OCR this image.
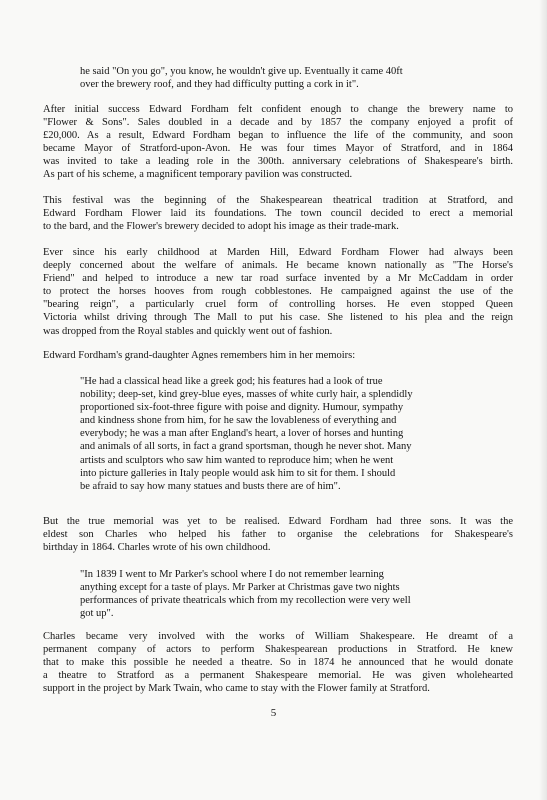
he said "On you go", you know, he wouldn't give up. Eventually it came 40ft
over the brewery roof, and they had difficulty putting a cork in it".
After initial success Edward Fordham felt confident enough to change the brewery name to
"Flower & Sons". Sales doubled in a decade and by 1857 the company enjoyed a profit of
£20,000. As a result, Edward Fordham began to influence the life of the community, and soon
became Mayor of Stratford-upon-Avon. He was four times Mayor of Stratford, and in 1864
was invited to take a leading role in the 300th. anniversary celebrations of Shakespeare's birth.
As part of his scheme, a magnificent temporary pavilion was constructed.
This festival was the beginning of the Shakespearean theatrical tradition at Stratford, and
Edward Fordham Flower laid its foundations. The town council decided to erect a memorial
to the bard, and the Flower's brewery decided to adopt his image as their trade-mark.
Ever since his early childhood at Marden Hill, Edward Fordham Flower had always been
deeply concerned about the welfare of animals. He became known nationally as "The Horse's
Friend" and helped to introduce a new tar road surface invented by a Mr McCaddam in order
to protect the horses hooves from rough cobblestones. He campaigned against the use of the
"bearing reign", a particularly cruel form of controlling horses. He even stopped Queen
Victoria whilst driving through The Mall to put his case. She listened to his plea and the reign
was dropped from the Royal stables and quickly went out of fashion.
Edward Fordham's grand-daughter Agnes remembers him in her memoirs:
"He had a classical head like a greek god; his features had a look of true
nobility; deep-set, kind grey-blue eyes, masses of white curly hair, a splendidly
proportioned six-foot-three figure with poise and dignity. Humour, sympathy
and kindness shone from him, for he saw the lovableness of everything and
everybody; he was a man after England's heart, a lover of horses and hunting
and animals of all sorts, in fact a grand sportsman, though he never shot. Many
artists and sculptors who saw him wanted to reproduce him; when he went
into picture galleries in Italy people would ask him to sit for them. I should
be afraid to say how many statues and busts there are of him".
But the true memorial was yet to be realised. Edward Fordham had three sons. It was the
eldest son Charles who helped his father to organise the celebrations for Shakespeare's
birthday in 1864. Charles wrote of his own childhood.
"In 1839 I went to Mr Parker's school where I do not remember learning
anything except for a taste of plays. Mr Parker at Christmas gave two nights
performances of private theatricals which from my recollection were very well
got up".
Charles became very involved with the works of William Shakespeare. He dreamt of a
permanent company of actors to perform Shakespearean productions in Stratford. He knew
that to make this possible he needed a theatre. So in 1874 he announced that he would donate
a theatre to Stratford as a permanent Shakespeare memorial. He was given wholehearted
support in the project by Mark Twain, who came to stay with the Flower family at Stratford.
5
